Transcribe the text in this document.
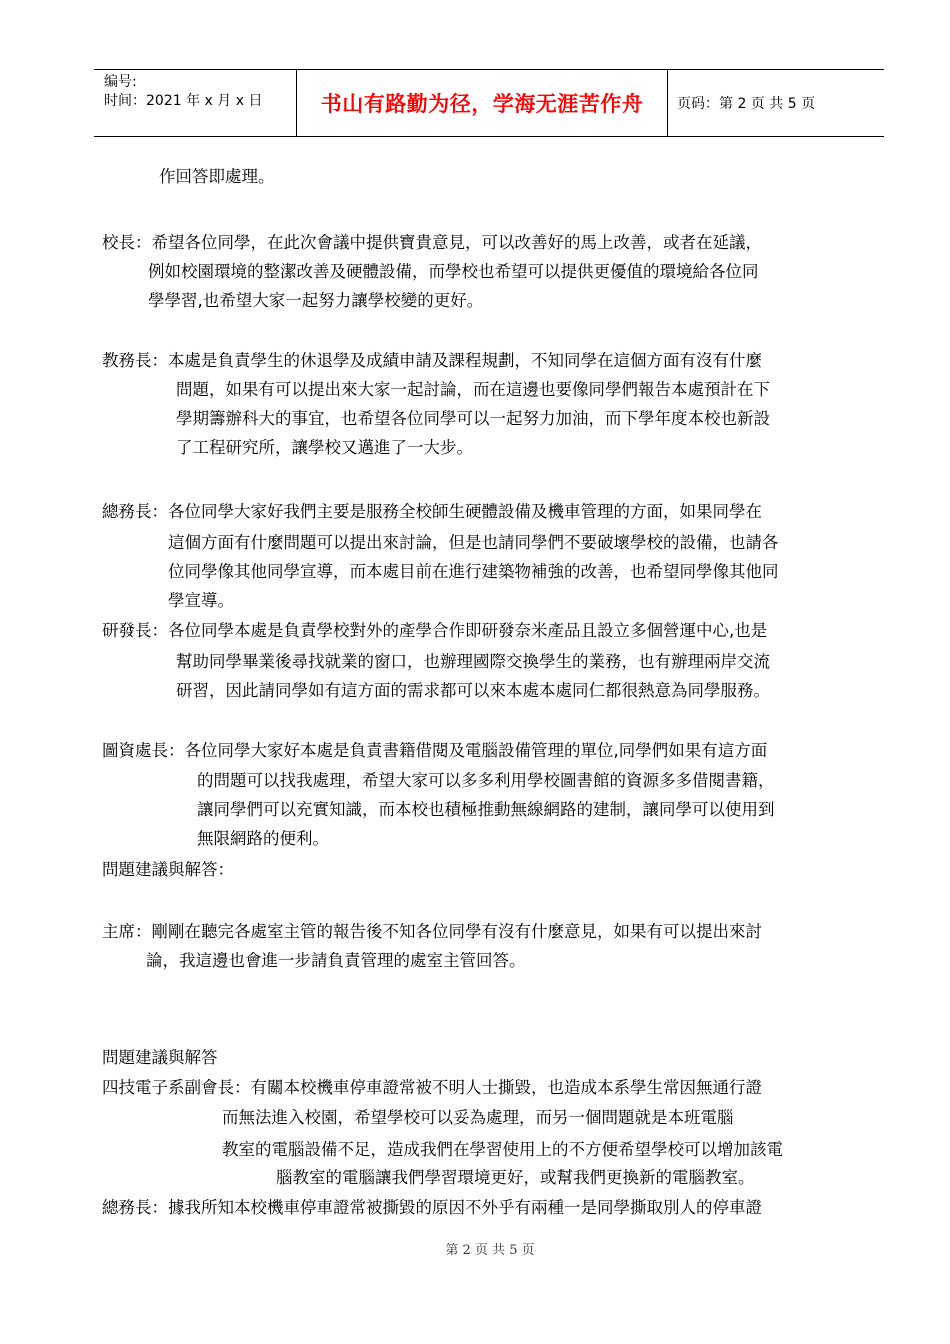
编号:
时间：2021 年 x 月 x 日	书山有路勤为径，学海无涯苦作舟	页码：第 2 页 共 5 页

作回答即處理。

校長：希望各位同學，在此次會議中提供寶貴意見，可以改善好的馬上改善，或者在延議，

例如校園環境的整潔改善及硬體設備，而學校也希望可以提供更優值的環境給各位同

學學習,也希望大家一起努力讓學校變的更好。

教務長：本處是負責學生的休退學及成績申請及課程規劃，不知同學在這個方面有沒有什麼

問題，如果有可以提出來大家一起討論，而在這邊也要像同學們報告本處預計在下

學期籌辦科大的事宜，也希望各位同學可以一起努力加油，而下學年度本校也新設

了工程研究所，讓學校又邁進了一大步。

總務長：各位同學大家好我們主要是服務全校師生硬體設備及機車管理的方面，如果同學在

這個方面有什麼問題可以提出來討論，但是也請同學們不要破壞學校的設備，也請各

位同學像其他同學宣導，而本處目前在進行建築物補強的改善，也希望同學像其他同

學宣導。

研發長：各位同學本處是負責學校對外的產學合作即研發奈米產品且設立多個營運中心,也是

幫助同學畢業後尋找就業的窗口，也辦理國際交換學生的業務，也有辦理兩岸交流

研習，因此請同學如有這方面的需求都可以來本處本處同仁都很熱意為同學服務。

圖資處長：各位同學大家好本處是負責書籍借閱及電腦設備管理的單位,同學們如果有這方面

的問題可以找我處理，希望大家可以多多利用學校圖書館的資源多多借閱書籍，

讓同學們可以充實知識，而本校也積極推動無線網路的建制，讓同學可以使用到

無限網路的便利。

問題建議與解答：

主席：剛剛在聽完各處室主管的報告後不知各位同學有沒有什麼意見，如果有可以提出來討

論，我這邊也會進一步請負責管理的處室主管回答。

問題建議與解答

四技電子系副會長：有關本校機車停車證常被不明人士撕毀，也造成本系學生常因無通行證

而無法進入校園，希望學校可以妥為處理，而另一個問題就是本班電腦

教室的電腦設備不足，造成我們在學習使用上的不方便希望學校可以增加該電

腦教室的電腦讓我們學習環境更好，或幫我們更換新的電腦教室。

總務長：據我所知本校機車停車證常被撕毀的原因不外乎有兩種一是同學撕取別人的停車證

第 2 页 共 5 页
